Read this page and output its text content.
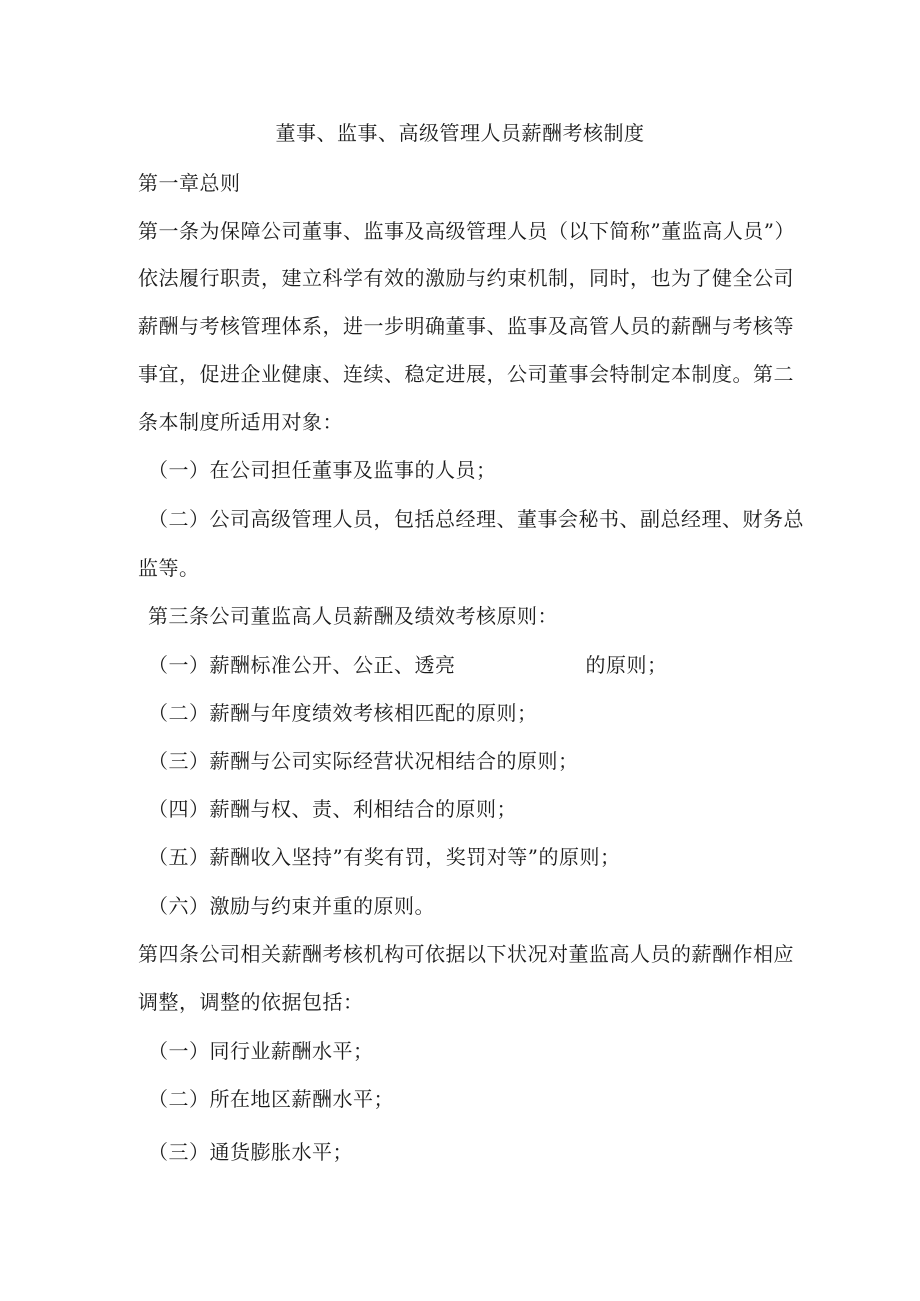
董事、监事、高级管理人员薪酬考核制度
第一章总则
第一条为保障公司董事、监事及高级管理人员（以下简称”董监高人员”）
依法履行职责，建立科学有效的激励与约束机制，同时，也为了健全公司
薪酬与考核管理体系，进一步明确董事、监事及高管人员的薪酬与考核等
事宜，促进企业健康、连续、稳定进展，公司董事会特制定本制度。第二
条本制度所适用对象：
（一）在公司担任董事及监事的人员；
（二）公司高级管理人员，包括总经理、董事会秘书、副总经理、财务总
监等。
第三条公司董监高人员薪酬及绩效考核原则：
（一）薪酬标准公开、公正、透亮	的原则；
（二）薪酬与年度绩效考核相匹配的原则；
（三）薪酬与公司实际经营状况相结合的原则；
（四）薪酬与权、责、利相结合的原则；
（五）薪酬收入坚持”有奖有罚，奖罚对等”的原则；
（六）激励与约束并重的原则。
第四条公司相关薪酬考核机构可依据以下状况对董监高人员的薪酬作相应
调整，调整的依据包括：
（一）同行业薪酬水平；
（二）所在地区薪酬水平；
（三）通货膨胀水平；
